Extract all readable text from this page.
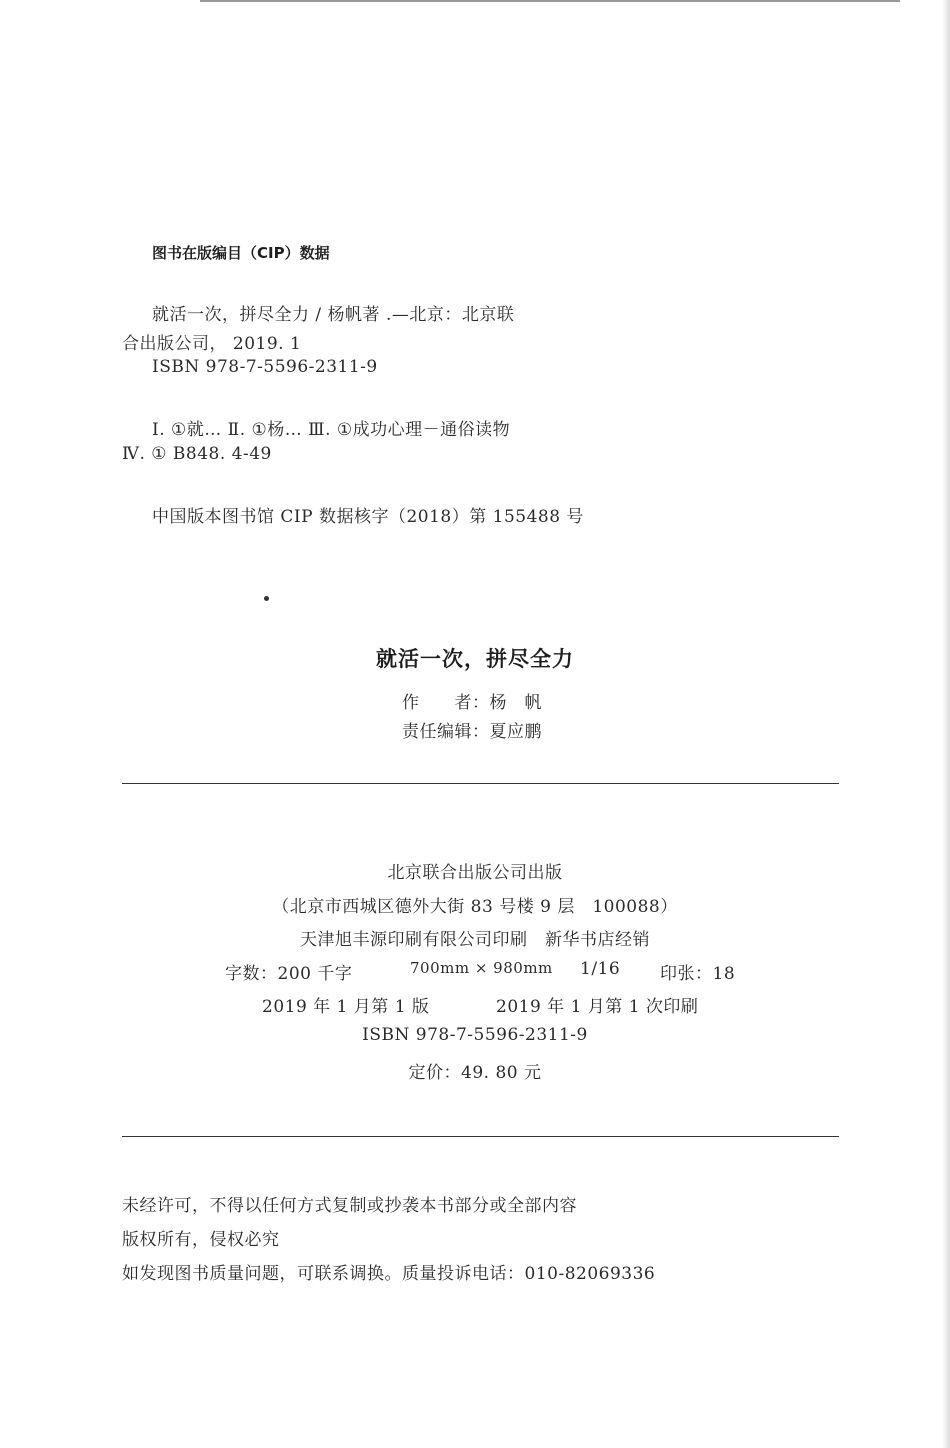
图书在版编目（CIP）数据
就活一次，拼尽全力 / 杨帆著 .—北京：北京联
合出版公司， 2019. 1
ISBN 978-7-5596-2311-9
Ⅰ. ①就… Ⅱ. ①杨… Ⅲ. ①成功心理－通俗读物
Ⅳ. ① B848. 4-49
中国版本图书馆 CIP 数据核字（2018）第 155488 号
就活一次，拼尽全力
作　　者：杨　帆
责任编辑：夏应鹏
北京联合出版公司出版
（北京市西城区德外大街 83 号楼 9 层　100088）
天津旭丰源印刷有限公司印刷　新华书店经销
字数：200 千字	700mm × 980mm 1/16 印张：18
2019 年 1 月第 1 版	2019 年 1 月第 1 次印刷
ISBN 978-7-5596-2311-9
定价：49. 80 元
未经许可，不得以任何方式复制或抄袭本书部分或全部内容
版权所有，侵权必究
如发现图书质量问题，可联系调换。质量投诉电话：010-82069336
